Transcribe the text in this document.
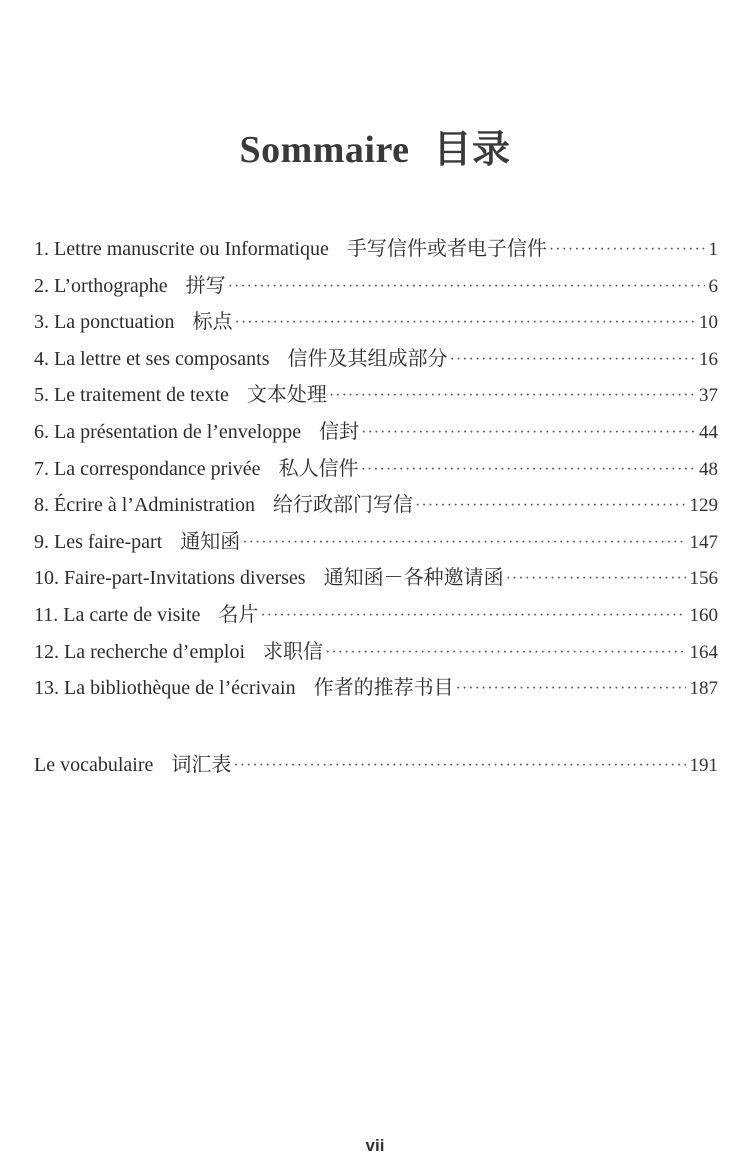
Sommaire 目录
1. Lettre manuscrite ou Informatique 手写信件或者电子信件 ·····	1
2. L’orthographe 拼写 ·····	6
3. La ponctuation 标点 ·····	10
4. La lettre et ses composants 信件及其组成部分 ·····	16
5. Le traitement de texte 文本处理 ·····	37
6. La présentation de l’enveloppe 信封 ·····	44
7. La correspondance privée 私人信件 ·····	48
8. Écrire à l’Administration 给行政部门写信 ·····	129
9. Les faire-part 通知函 ·····	147
10. Faire-part-Invitations diverses 通知函－各种邀请函 ·····	156
11. La carte de visite 名片 ·····	160
12. La recherche d’emploi 求职信 ·····	164
13. La bibliothèque de l’écrivain 作者的推荐书目 ·····	187
Le vocabulaire 词汇表 ·····	191
vii
